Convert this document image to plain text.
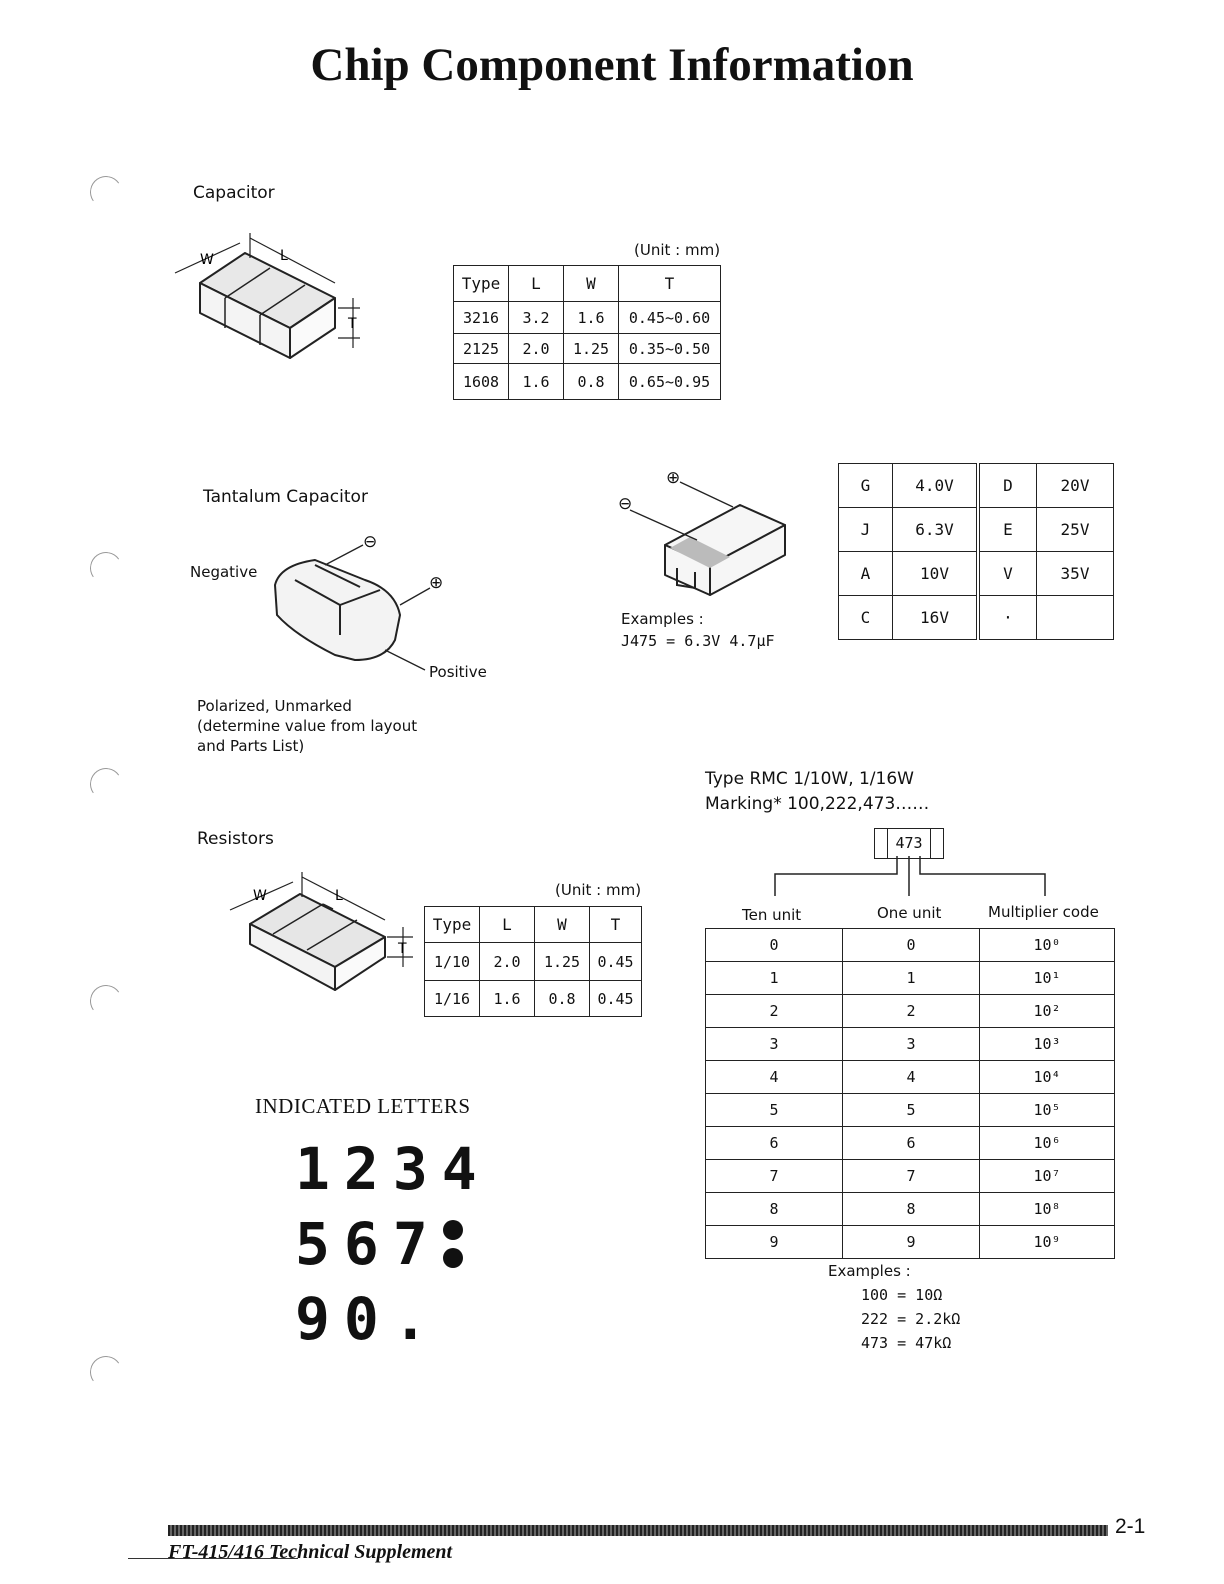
Chip Component Information
Capacitor
L
W
T
(Unit : mm)
Type	L	W	T
3216	3.2	1.6	0.45~0.60
2125	2.0	1.25	0.35~0.50
1608	1.6	0.8	0.65~0.95
Tantalum Capacitor
Negative
Positive
⊖
⊕
Polarized, Unmarked
(determine value from layout
and Parts List)
⊕
⊖
Examples :
J475 = 6.3V 4.7μF
G	4.0V	D	20V
J	6.3V	E	25V
A	10V	V	35V
C	16V	·	
Resistors
L
W
T
(Unit : mm)
Type	L	W	T
1/10	2.0	1.25	0.45
1/16	1.6	0.8	0.45
Type RMC 1/10W, 1/16W
Marking* 100,222,473……
473
Ten unit	One unit	Multiplier code
0	0	10⁰
1	1	10¹
2	2	10²
3	3	10³
4	4	10⁴
5	5	10⁵
6	6	10⁶
7	7	10⁷
8	8	10⁸
9	9	10⁹
Examples :
100 = 10Ω
222 = 2.2kΩ
473 = 47kΩ
INDICATED LETTERS
1234
567
90.
2-1
FT-415/416 Technical Supplement
